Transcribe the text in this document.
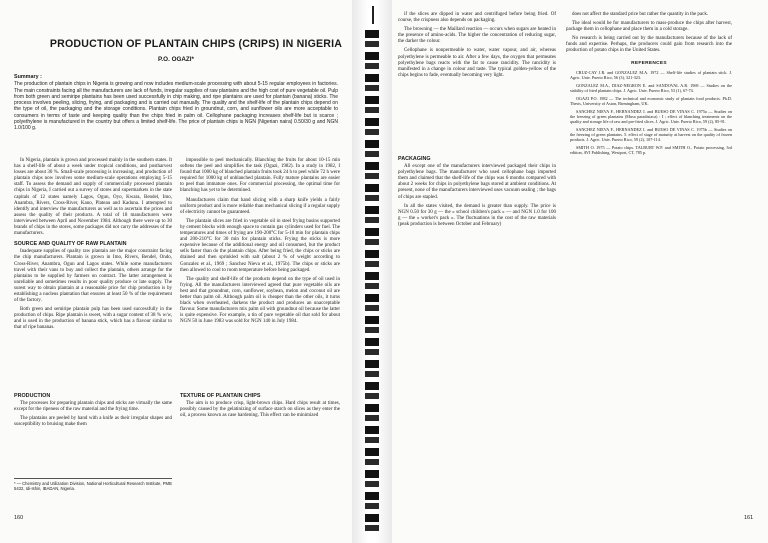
PRODUCTION OF PLANTAIN CHIPS (CRIPS) IN NIGERIA
P.O. OGAZI*
Summary :
The production of plantain chips in Nigeria is growing and now includes medium-scale processing with about 5-15 regular employees in factories. The main constraints facing all the manufacturers are lack of funds, irregular supplies of raw plantains and the high cost of pure vegetable oil. Pulp from both green and semiripe plantains has been used successfully in chip making, and ripe plantains are used for plantain (banana) sticks. The process involves peeling, slicing, frying, and packaging and is carried out manually. The quality and the shelf-life of the plantain chips depend on the type of oil, the packaging and the storage conditions. Plantain chips fried in groundnut, corn, and sunflower oils are more acceptable to consumers in terms of taste and keeping quality than the chips fried in palm oil. Cellophane packaging increases shelf-life but is scarce ; polyethylene is manufactured in the country but offers a limited shelf-life. The price of plantain chips is NGN (Nigerian naira) 0.50/30 g and NGN 1.0/100 g.

In Nigeria, plantain is grown and processed mainly in the southern states. It has a shelf-life of about a week under tropical conditions, and postharvest losses are about 30 %. Small-scale processing is increasing, and production of plantain chips now involves some medium-scale operations employing 5-15 staff. To assess the demand and supply of commercially processed plantain chips in Nigeria, I carried out a survey of stores and supermarkets in the state capitals of 12 states namely Lagos, Ogun, Oyo, Kwara, Bendel, Imo, Anambra, Rivers, Cross-River, Kano, Plateau and Kaduna. I attempted to identify and interview the manufacturers as well as to ascertain the prices and assess the quality of their products. A total of 18 manufacturers were interviewed between April and November 1984. Although there were up to 30 brands of chips in the stores, some packages did not carry the addresses of the manufacturers.

SOURCE AND QUALITY OF RAW PLANTAIN

Inadequate supplies of quality raw plantain are the major constraint facing the chip manufacturers. Plantain is grown in Imo, Rivers, Bendel, Ondo, Cross-River, Anambra, Ogun and Lagos states. While some manufacturers travel with their vans to buy and collect the plantain, others arrange for the plantains to be supplied by farmers on contract. The latter arrangement is unreliable and sometimes results in poor quality produce or late supply. The surest way to obtain plantain at a reasonable price for chip production is by establishing a nucleus plantation that ensures at least 50 % of the requirement of the factory.

Both green and semiripe plantain pulp has been used successfully in the production of chips. Ripe plantain is sweet, with a sugar content of 38 % w/w, and is used in the production of banana stick, which has a flavour similar to that of ripe bananas.

impossible to peel mechanically. Blanching the fruits for about 10-15 min softens the peel and simplifies the task (Ogazi, 1982). In a study in 1982, I found that 1000 kg of blanched plantain fruits took 24 h to peel while 72 h were required for 1000 kg of unblanched plantain. Fully mature plantains are easier to peel than immature ones. For commercial processing, the optimal time for blanching has yet to be determined.

Manufacturers claim that hand slicing with a sharp knife yields a fairly uniform product and is more reliable than mechanical slicing if a regular supply of electricity cannot be guaranteed.

The plantain slices are fried in vegetable oil in steel frying basins supported by cement blocks with enough space to contain gas cylinders used for fuel. The temperatures and times of frying are 190-200°C for 5-10 min for plantain chips and 200-210°C for 30 min for plantain sticks. Frying the sticks is more expensive because of the additional energy and oil consumed, but the product sells faster than do the plantain chips. After being fried, the chips or sticks are drained and then sprinkled with salt (about 2 % of weight according to Gonzalez et al., 1969 ; Sanchez Nieva et al., 1975b). The chips or sticks are then allowed to cool to room temperature before being packaged.

The quality and shelf-life of the products depend on the type of oil used in frying. All the manufacturers interviewed agreed that pure vegetable oils are best and that groundnut, corn, sunflower, soybean, melon and coconut oil are better than palm oil. Although palm oil is cheaper than the other oils, it turns black when overheated, darkens the product and produces an unacceptable flavour. Some manufacturers mix palm oil with groundnut oil because the latter is quite expensive. For example, a tin of pure vegetable oil that sold for about NGN 50 in June 1983 was sold for NGN 140 in July 1984.

PRODUCTION

The processes for preparing plantain chips and sticks are virtually the same except for the ripeness of the raw material and the frying time.

The plantains are peeled by hand with a knife as their irregular shapes and susceptibility to bruising make them

TEXTURE OF PLANTAIN CHIPS

The aim is to produce crisp, light-brown chips. Hard chips result at times, possibly caused by the gelatinizing of surface starch on slices as they enter the oil, a process known as case hardening. This effect can be minimized

* — Chemistry and Utilization Division, National Horticultural Research Institute, PMB 5432, Idi-Ishin, IBADAN, Nigeria.
160

if the slices are dipped in water and centrifuged before being fried. Of course, the crispness also depends on packaging.

The browning — the Maillard reaction — occurs when sugars are heated in the presence of amino-acids. The higher the concentration of reducing sugar, the darker the colour.

Cellophane is nonpermeable to water, water vapour, and air, whereas polyethylene is permeable to air. After a few days, the oxygen that permeates polyethylene bags reacts with the fat to cause rancidity. The rancidity is manifested in a change in colour and taste. The typical golden-yellow of the chips begins to fade, eventually becoming very light.

PACKAGING

All except one of the manufacturers interviewed packaged their chips in polyethylene bags. The manufacturer who used cellophane bags imported them and claimed that the shelf-life of the chips was 6 months compared with about 2 weeks for chips in polyethylene bags stored at ambient conditions. At present, none of the manufacturers interviewed uses vacuum sealing ; the bags of chips are stapled.

In all the states visited, the demand is greater than supply. The price is NGN 0.50 for 30 g — the « school children's pack » — and NGN 1.0 for 100 g — the « worker's pack ». The fluctuations in the cost of the raw materials (peak production is between October and February)

does not affect the standard price but rather the quantity in the pack.

The ideal would be for manufacturers to mass-produce the chips after harvest, package them in cellophane and place them in a cold storage.

No research is being carried out by the manufacturers because of the lack of funds and expertise. Perhaps, the producers could gain from research into the production of potato chips in the United States.

REFERENCES

CRUZ-CAY J.R. and GONZALEZ M.A. 1972 — Shelf-life studies of plantain stick. J. Agric. Univ. Puerto Rico, 56 (3), 321-323.

GONZALEZ M.A., DIAZ-NEGRON E. and SANDOVAL A.R. 1969 — Studies on the stability of fried plantain chips. J. Agric. Univ. Puerto Rico, 53 (1), 67-74.

OGAZI P.O. 1982 — The technical and economic study of plantain food products. Ph.D. Thesis, University of Aston, Birmingham, UK.

SANCHEZ NIEVA F., HERNANDEZ I. and BUESO DE VINAS C. 1975a — Studies on the freezing of green plantains (Musa paradisiaca) : I ; effect of blanching treatments on the quality and storage life of raw and pre-fried slices. J. Agric. Univ. Puerto Rico, 59 (2), 85-91.

SANCHEZ NIEVA F., HERNANDEZ I. and BUESO DE VINAS C. 1975b — Studies on the freezing of green plantains. 5. effect of stage of maturity at harvest on the quality of frozen products. J. Agric. Univ. Puerto Rico, 59 (2), 107-114.

SMITH O. 1975 — Potato chips. TALBURT W.F. and SMITH O., Potato processing, 3rd edition, AVI Publishing, Westport, CT, 785 p.

161
